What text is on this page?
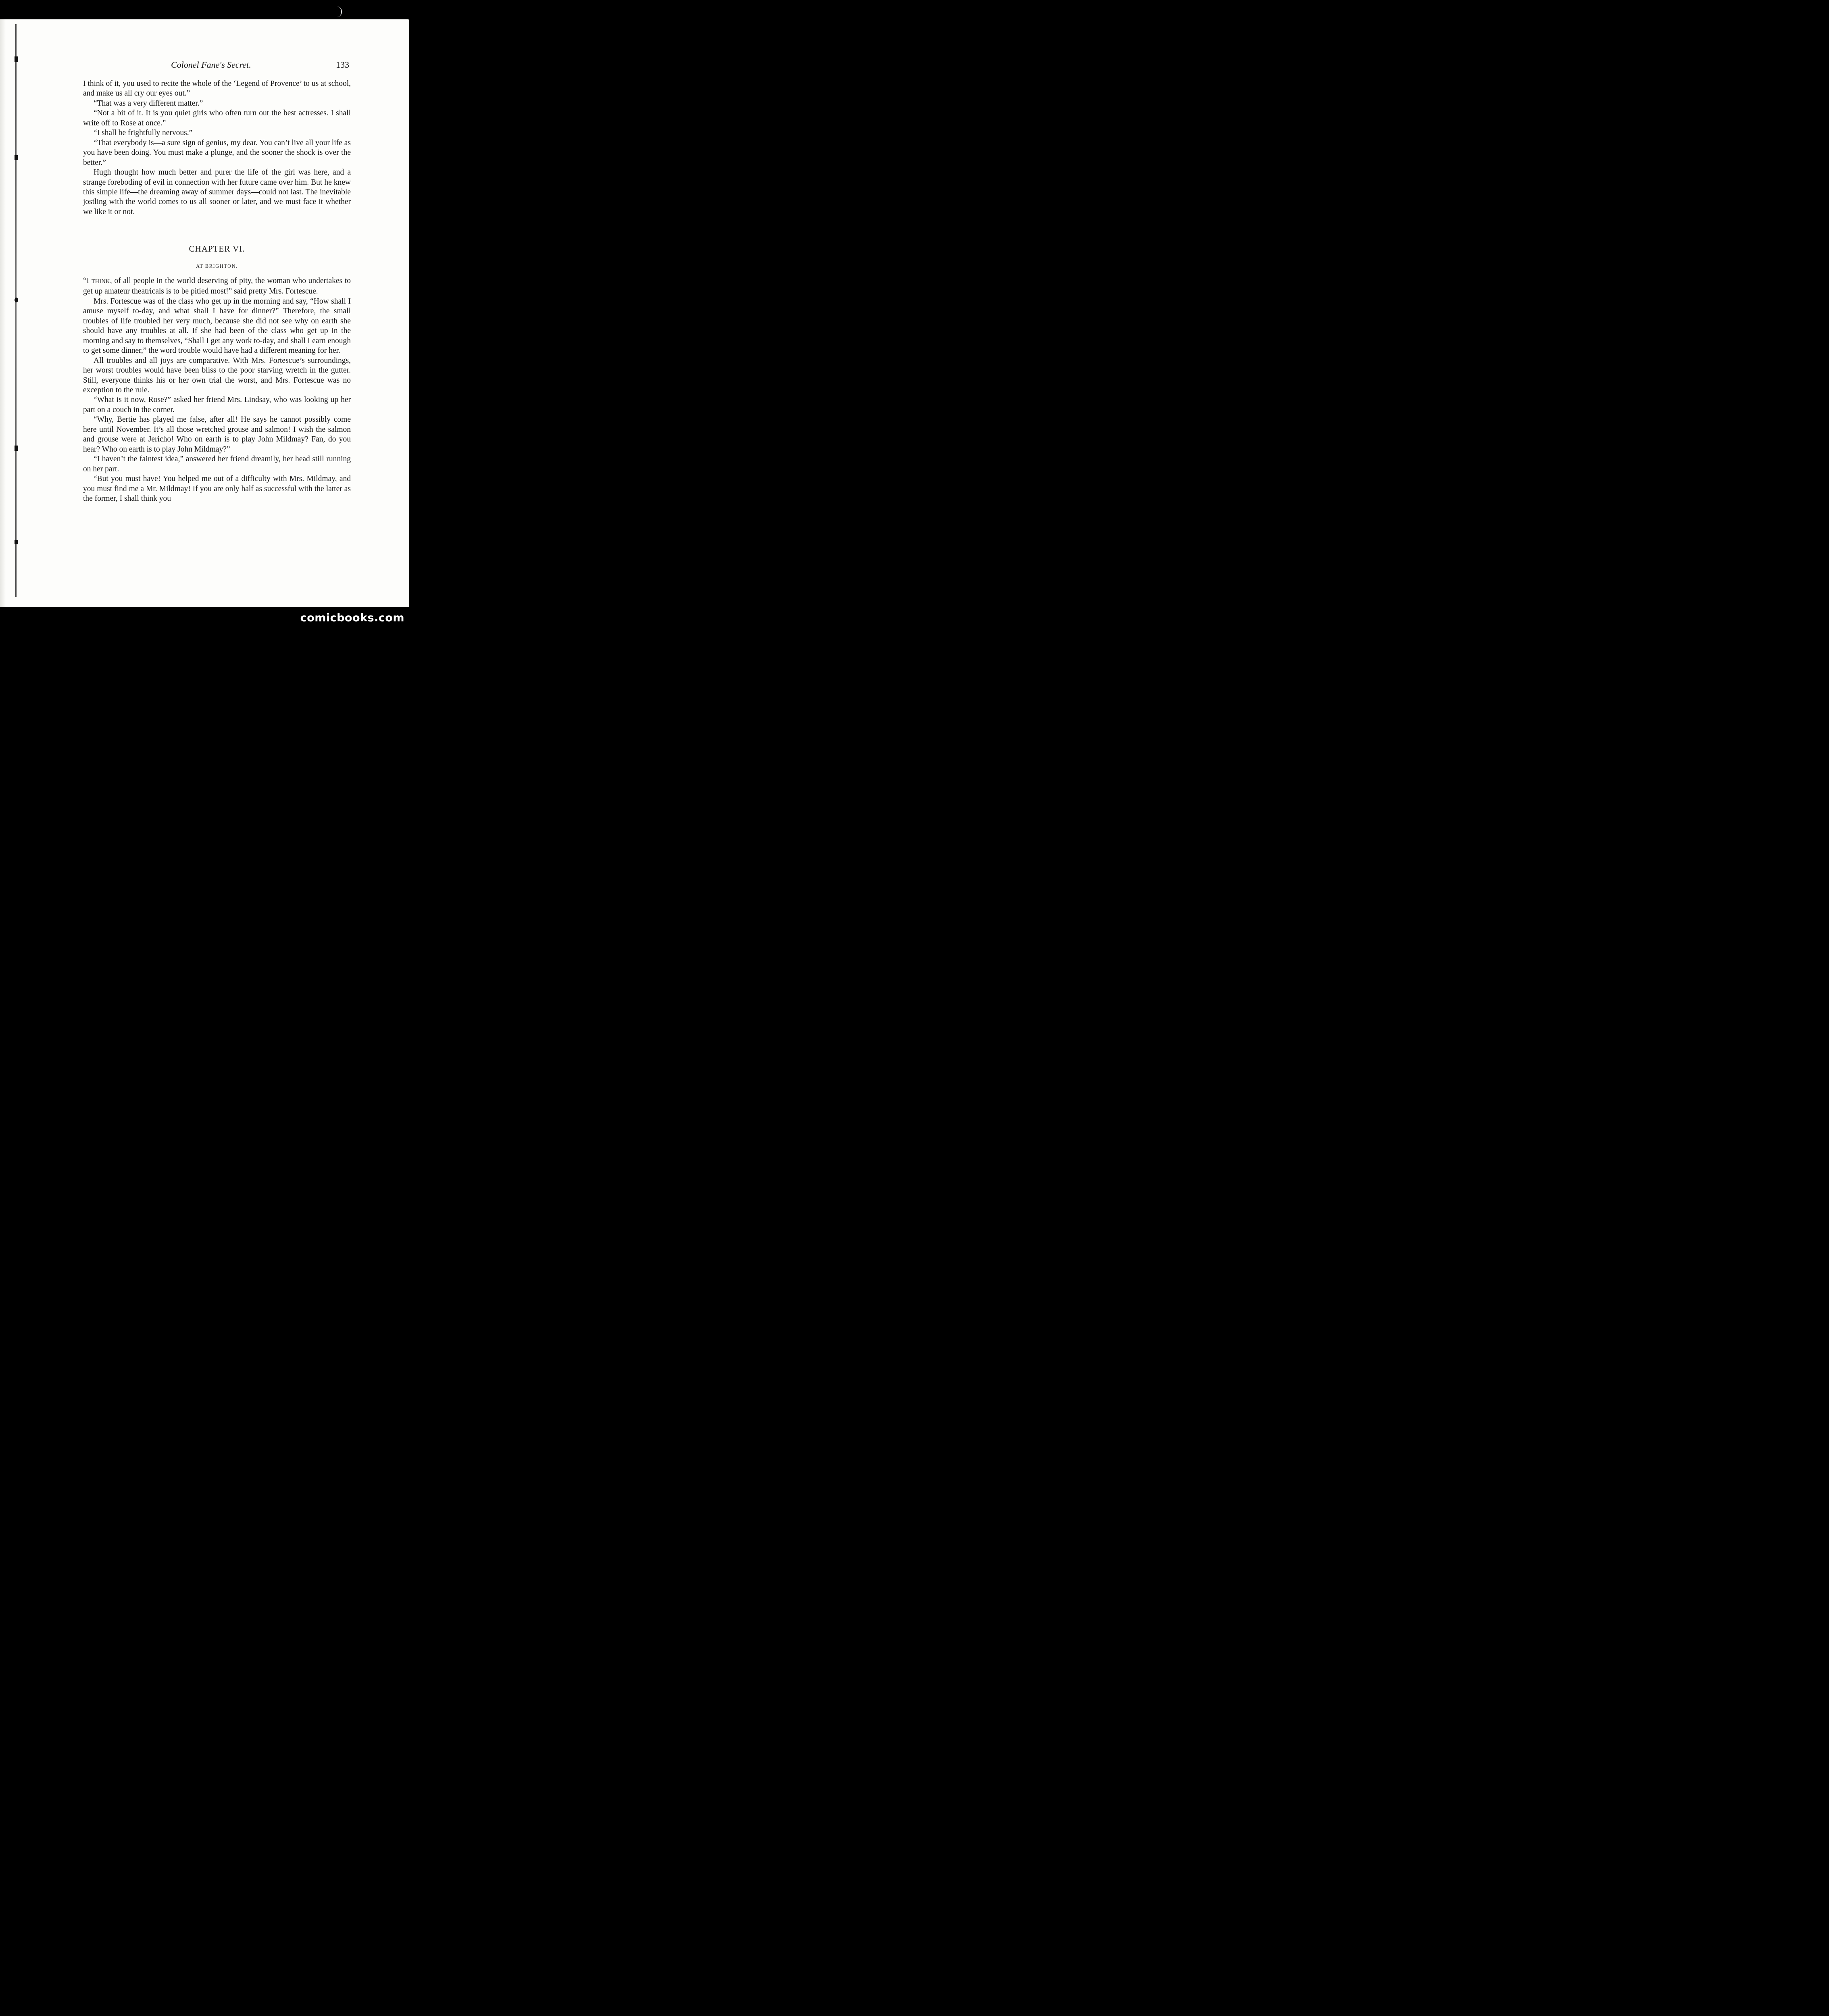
Colonel Fane's Secret.	133

I think of it, you used to recite the whole of the ‘Legend of Provence’ to us at school, and make us all cry our eyes out.”

“That was a very different matter.”

“Not a bit of it. It is you quiet girls who often turn out the best actresses. I shall write off to Rose at once.”

“I shall be frightfully nervous.”

“That everybody is—a sure sign of genius, my dear. You can’t live all your life as you have been doing. You must make a plunge, and the sooner the shock is over the better.”

Hugh thought how much better and purer the life of the girl was here, and a strange foreboding of evil in connection with her future came over him. But he knew this simple life—the dreaming away of summer days—could not last. The inevitable jostling with the world comes to us all sooner or later, and we must face it whether we like it or not.

CHAPTER VI.
AT BRIGHTON.

“I THINK, of all people in the world deserving of pity, the woman who undertakes to get up amateur theatricals is to be pitied most!” said pretty Mrs. Fortescue.

Mrs. Fortescue was of the class who get up in the morning and say, “How shall I amuse myself to-day, and what shall I have for dinner?” Therefore, the small troubles of life troubled her very much, because she did not see why on earth she should have any troubles at all. If she had been of the class who get up in the morning and say to themselves, “Shall I get any work to-day, and shall I earn enough to get some dinner,” the word trouble would have had a different meaning for her.

All troubles and all joys are comparative. With Mrs. Fortescue’s surroundings, her worst troubles would have been bliss to the poor starving wretch in the gutter. Still, everyone thinks his or her own trial the worst, and Mrs. Fortescue was no exception to the rule.

“What is it now, Rose?” asked her friend Mrs. Lindsay, who was looking up her part on a couch in the corner.

“Why, Bertie has played me false, after all! He says he cannot possibly come here until November. It’s all those wretched grouse and salmon! I wish the salmon and grouse were at Jericho! Who on earth is to play John Mildmay? Fan, do you hear? Who on earth is to play John Mildmay?”

“I haven’t the faintest idea,” answered her friend dreamily, her head still running on her part.

“But you must have! You helped me out of a difficulty with Mrs. Mildmay, and you must find me a Mr. Mildmay! If you are only half as successful with the latter as the former, I shall think you

comicbooks.com
